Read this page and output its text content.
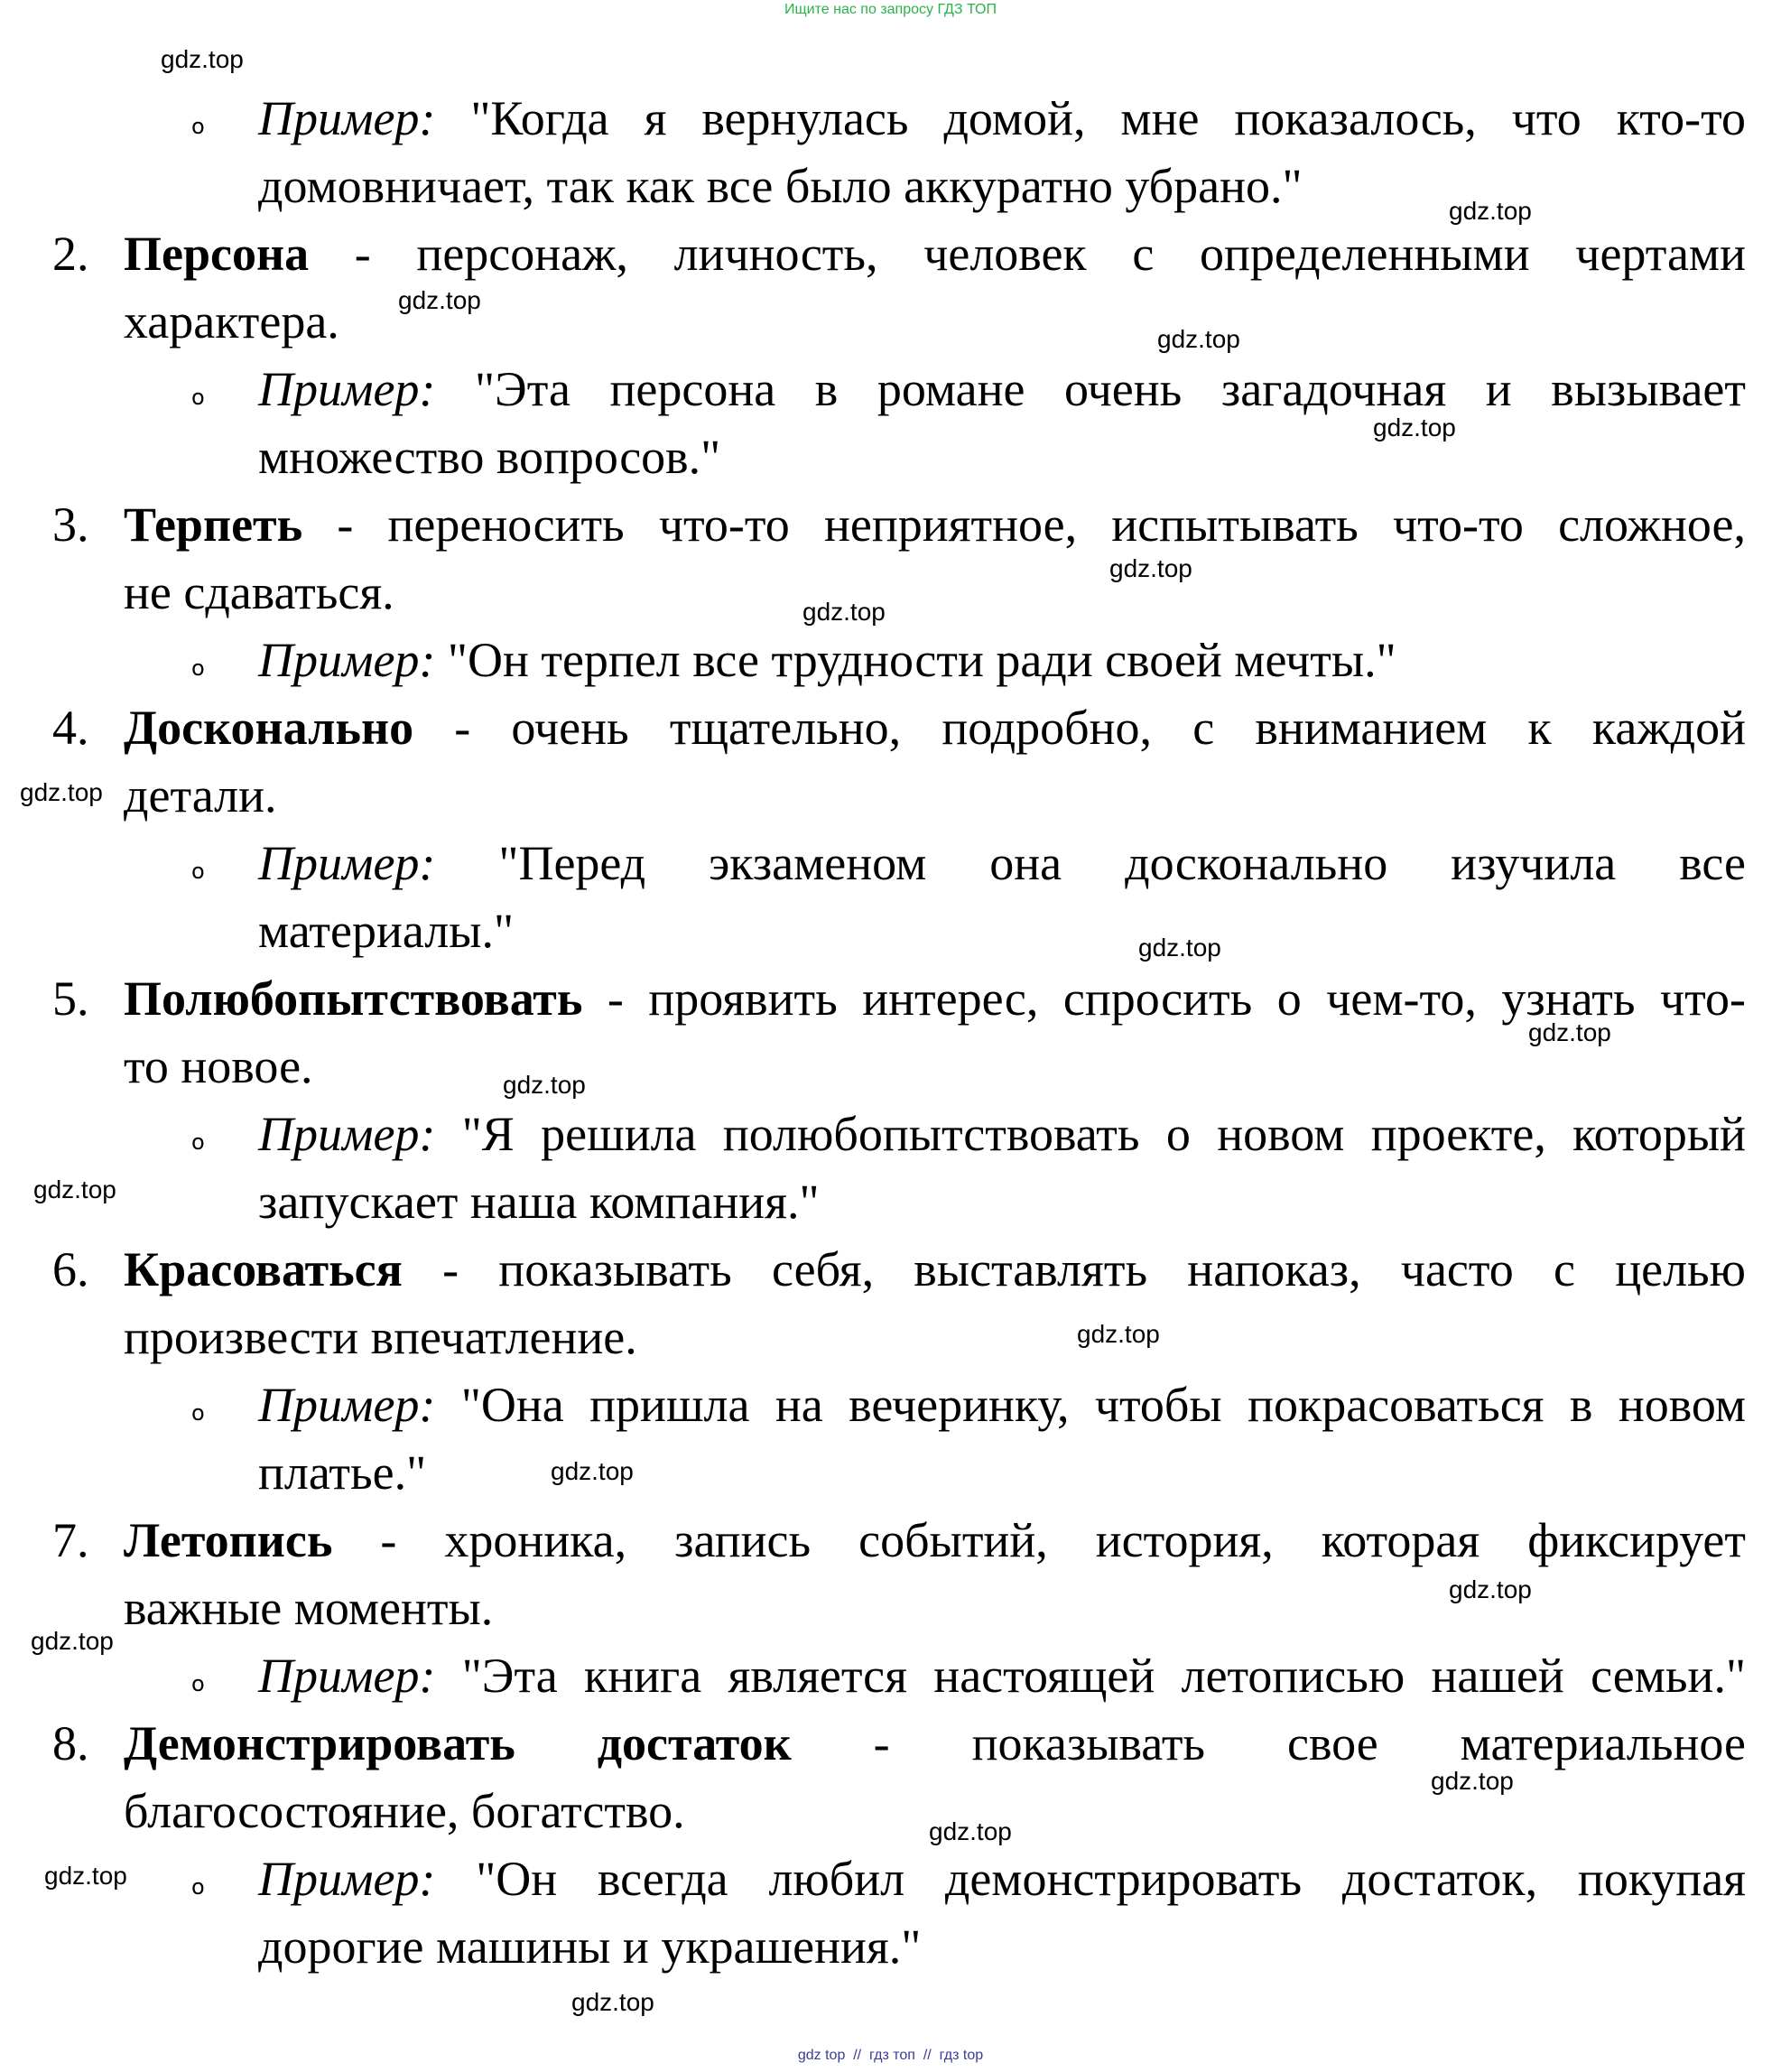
Ищите нас по запросу ГДЗ ТОП
o Пример: "Когда я вернулась домой, мне показалось, что кто-то
домовничает, так как все было аккуратно убрано."
2. Персона - персонаж, личность, человек с определенными чертами
характера.
o Пример: "Эта персона в романе очень загадочная и вызывает
множество вопросов."
3. Терпеть - переносить что-то неприятное, испытывать что-то сложное,
не сдаваться.
o Пример: "Он терпел все трудности ради своей мечты."
4. Досконально - очень тщательно, подробно, с вниманием к каждой
детали.
o Пример: "Перед экзаменом она досконально изучила все
материалы."
5. Полюбопытствовать - проявить интерес, спросить о чем-то, узнать что-
то новое.
o Пример: "Я решила полюбопытствовать о новом проекте, который
запускает наша компания."
6. Красоваться - показывать себя, выставлять напоказ, часто с целью
произвести впечатление.
o Пример: "Она пришла на вечеринку, чтобы покрасоваться в новом
платье."
7. Летопись - хроника, запись событий, история, которая фиксирует
важные моменты.
o Пример: "Эта книга является настоящей летописью нашей семьи."
8. Демонстрировать достаток - показывать свое материальное
благосостояние, богатство.
o Пример: "Он всегда любил демонстрировать достаток, покупая
дорогие машины и украшения."
gdz.top
gdz.top
gdz.top
gdz.top
gdz.top
gdz.top
gdz.top
gdz.top
gdz.top
gdz.top
gdz.top
gdz.top
gdz.top
gdz.top
gdz.top
gdz.top
gdz.top
gdz.top
gdz.top
gdz.top
gdz top // гдз топ // гдз top
